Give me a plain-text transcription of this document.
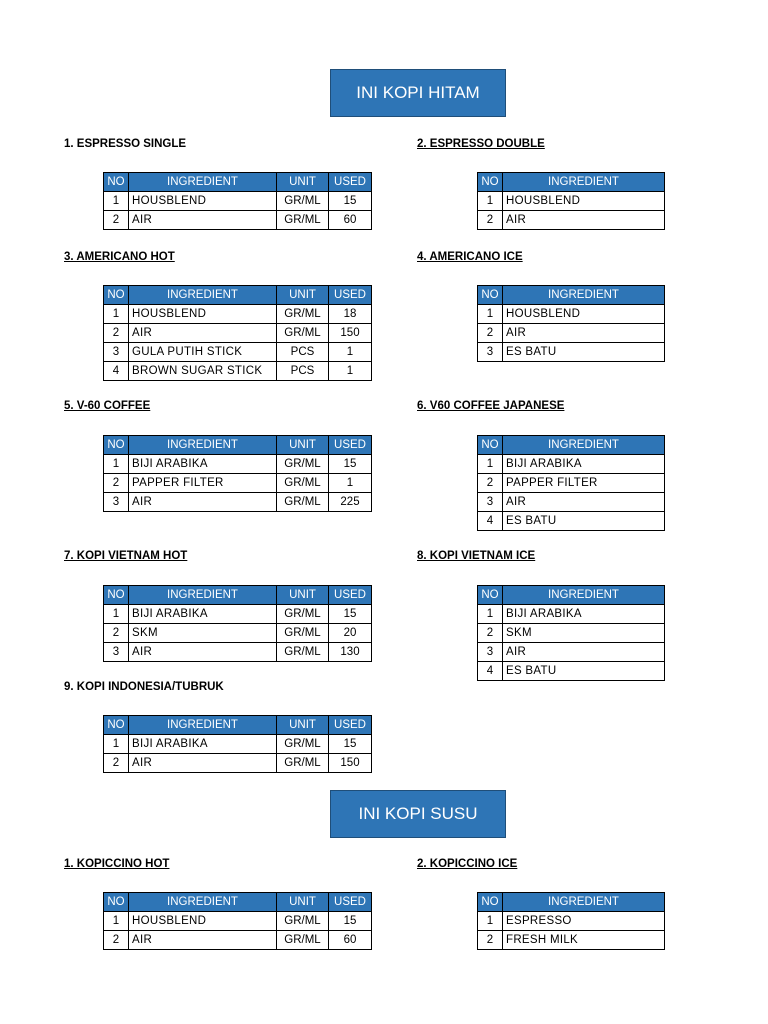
INI KOPI HITAM
1. ESPRESSO SINGLE
NO	INGREDIENT	UNIT	USED
1	HOUSBLEND	GR/ML	15
2	AIR	GR/ML	60
2. ESPRESSO DOUBLE
NO	INGREDIENT
1	HOUSBLEND
2	AIR
3. AMERICANO HOT
NO	INGREDIENT	UNIT	USED
1	HOUSBLEND	GR/ML	18
2	AIR	GR/ML	150
3	GULA PUTIH STICK	PCS	1
4	BROWN SUGAR STICK	PCS	1
4. AMERICANO ICE
NO	INGREDIENT
1	HOUSBLEND
2	AIR
3	ES BATU
5. V-60 COFFEE
NO	INGREDIENT	UNIT	USED
1	BIJI ARABIKA	GR/ML	15
2	PAPPER FILTER	GR/ML	1
3	AIR	GR/ML	225
6. V60 COFFEE JAPANESE
NO	INGREDIENT
1	BIJI ARABIKA
2	PAPPER FILTER
3	AIR
4	ES BATU
7. KOPI VIETNAM HOT
NO	INGREDIENT	UNIT	USED
1	BIJI ARABIKA	GR/ML	15
2	SKM	GR/ML	20
3	AIR	GR/ML	130
8. KOPI VIETNAM ICE
NO	INGREDIENT
1	BIJI ARABIKA
2	SKM
3	AIR
4	ES BATU
9. KOPI INDONESIA/TUBRUK
NO	INGREDIENT	UNIT	USED
1	BIJI ARABIKA	GR/ML	15
2	AIR	GR/ML	150
INI KOPI SUSU
1. KOPICCINO HOT
NO	INGREDIENT	UNIT	USED
1	HOUSBLEND	GR/ML	15
2	AIR	GR/ML	60
2. KOPICCINO ICE
NO	INGREDIENT
1	ESPRESSO
2	FRESH MILK
